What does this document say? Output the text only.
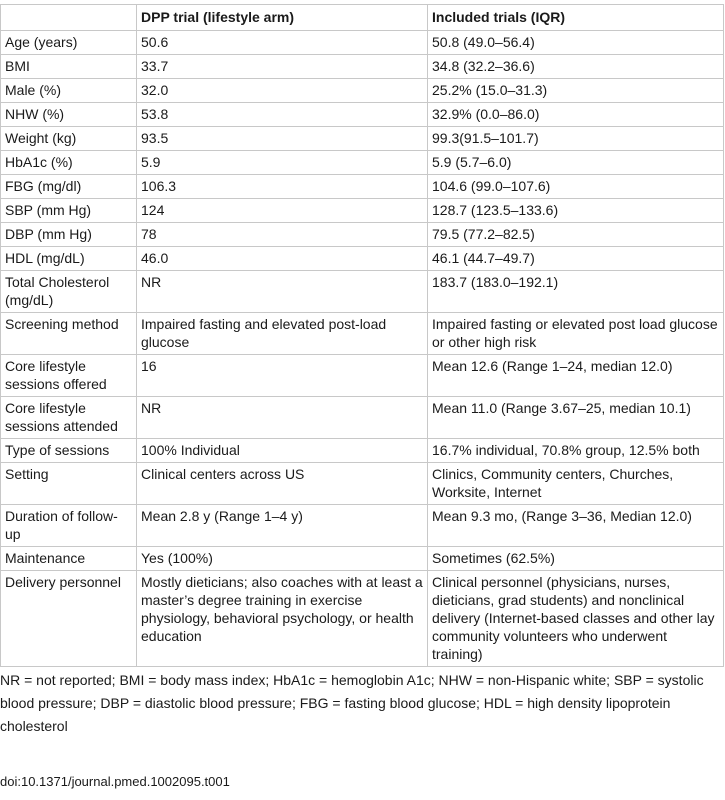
	DPP trial (lifestyle arm)	Included trials (IQR)
Age (years)	50.6	50.8 (49.0–56.4)
BMI	33.7	34.8 (32.2–36.6)
Male (%)	32.0	25.2% (15.0–31.3)
NHW (%)	53.8	32.9% (0.0–86.0)
Weight (kg)	93.5	99.3(91.5–101.7)
HbA1c (%)	5.9	5.9 (5.7–6.0)
FBG (mg/dl)	106.3	104.6 (99.0–107.6)
SBP (mm Hg)	124	128.7 (123.5–133.6)
DBP (mm Hg)	78	79.5 (77.2–82.5)
HDL (mg/dL)	46.0	46.1 (44.7–49.7)
Total Cholesterol (mg/dL)	NR	183.7 (183.0–192.1)
Screening method	Impaired fasting and elevated post-load glucose	Impaired fasting or elevated post load glucose or other high risk
Core lifestyle sessions offered	16	Mean 12.6 (Range 1–24, median 12.0)
Core lifestyle sessions attended	NR	Mean 11.0 (Range 3.67–25, median 10.1)
Type of sessions	100% Individual	16.7% individual, 70.8% group, 12.5% both
Setting	Clinical centers across US	Clinics, Community centers, Churches, Worksite, Internet
Duration of follow-up	Mean 2.8 y (Range 1–4 y)	Mean 9.3 mo, (Range 3–36, Median 12.0)
Maintenance	Yes (100%)	Sometimes (62.5%)
Delivery personnel	Mostly dieticians; also coaches with at least a master’s degree training in exercise physiology, behavioral psychology, or health education	Clinical personnel (physicians, nurses, dieticians, grad students) and nonclinical delivery (Internet-based classes and other lay community volunteers who underwent training)
NR = not reported; BMI = body mass index; HbA1c = hemoglobin A1c; NHW = non-Hispanic white; SBP = systolic blood pressure; DBP = diastolic blood pressure; FBG = fasting blood glucose; HDL = high density lipoprotein cholesterol
doi:10.1371/journal.pmed.1002095.t001
